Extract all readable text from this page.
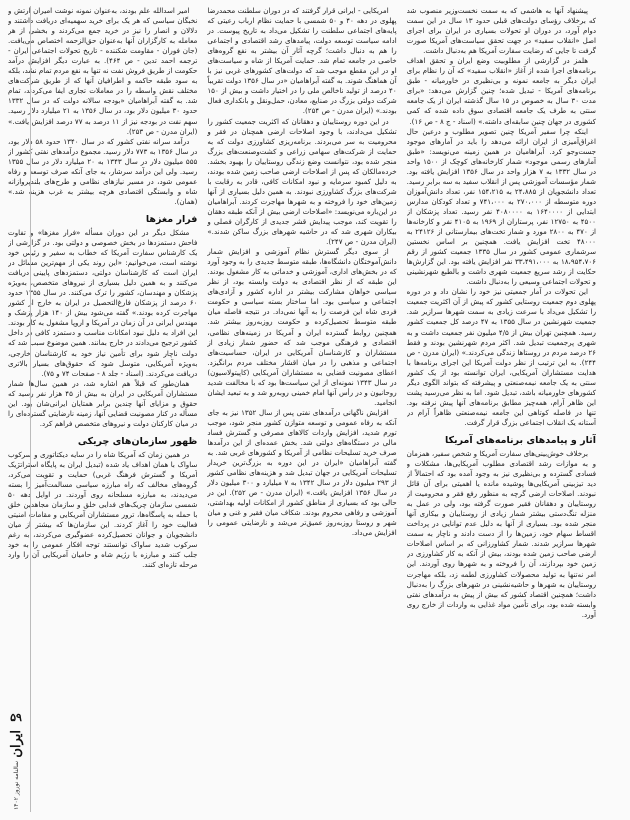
پیشنهاد آنها به هاشمی که به سمت نخست‌وزیر منصوب شد که برخلاف رؤسای دولت‌های قبلی حدود ۱۳ سال در این سمت دوام آورد، در دوران او تحولات بسیاری در ایران برای اجرای اصل «انقلاب سفید» در جهت تحقق سیاست‌های آمریکا صورت گرفت تا جایی که رضایت سفارت آمریکا هم به‌دنبال داشت.

هلمز در گزارشی از مطلوبیت وضع ایران و تحقق اهداف برنامه‌های اجرا شده از آغاز «انقلاب سفید» که آن را نظام برای ایران دیگر به جامعه نمونه و بی‌نظیری در خاورمیانه - طبق برنامه‌های آمریکا - تبدیل شده؛ چنین گزارش می‌دهد: «برای مدت ۳۰ سال به خصوص در ۱۵ سال گذشته ایران از یک جامعه سنتی به طرف یک جامعه اقتصادی سوق داده شده که کمی کشوری در جهان چنین سابقه‌ای داشته.» (اسناد - ج ۸ - ص ۱۶).

اینکه چرا سفیر آمریکا چنین تصویر مطلوب و درعین حال اغراق‌آمیزی از ایران ارائه می‌دهد را باید در آمارهای موجود جست‌وجو کرد. آبراهامیان در همین زمینه می‌نویسد: «طبق آمارهای رسمی موجود» شمار کارخانه‌های کوچک از ۱۵۰۰ واحد در سال ۱۳۳۲ به ۷ هزار واحد در سال ۱۳۵۶ افزایش یافته بود. شمار مؤسسات آموزشی پس از انقلاب سفید به سه برابر رسید. تعداد دانشجویان از ۲۴،۸۸۵ به ۱۵۴،۲۱۵ نفر، تعداد دانش‌آموزان دوره متوسطه از ۲۷۰،۰۰۰ به ۷۴۱،۰۰۰ و تعداد کودکان مدارس ابتدایی از ۱۶۴۰۰۰۰ به ۴۰۸۰۰۰۰ نفر رسید. تعداد پزشکان از ۴۵۰۰ به ۱۲۷۵۰ نفر، پرستاران از ۱۹۶۹ به ۴۱۰۵ نفر و کارخانه‌ها از ۴۷۰ به ۲۸۰۰ مورد و شمار تخت‌های بیمارستانی از ۲۴۱۲۶ به ۴۸۰۰۰ تخت افزایش یافت. همچنین بر اساس نخستین سرشماری عمومی کشور در سال ۱۳۳۵ جمعیت کشور از رقم ۱۸،۹۵۴،۷۰۶ به ۳۳،۴۹۱،۰۰۰ نفر افزایش یافته بود. این گزارش‌ها حکایت از رشد سریع جمعیت شهری داشت و بالطبع شهرنشینی و تحولات اجتماعی وسیعی را به‌دنبال داشت.

این تحولات در آمار جمعیتی نیز خود را نشان داد و در دوره پهلوی دوم جمعیت روستایی کشور که پیش از آن اکثریت جمعیت را تشکیل می‌داد با سرعت زیادی به سمت شهرها سرازیر شد. جمعیت شهرنشین در سال ۱۳۵۵ به ۴۷ درصد کل جمعیت کشور رسید. همچنین تهران بیش از ۴/۵ میلیون نفر جمعیت داشت و به شهری پرجمعیت تبدیل شد. اکثر مردم شهرنشین بودند و فقط ۲۶ درصد مردم در روستاها زندگی می‌کردند.» (ایران مدرن - ص ۲۴۴). به این ترتیب از نظر دولت آمریکا این اجرای برنامه‌ها با هدایت مستشاران آمریکایی، ایران توانسته بود از یک کشور سنتی به یک جامعه نیمه‌صنعتی و پیشرفته که بتواند الگوی دیگر کشورهای خاورمیانه باشد، تبدیل شود. اما به نظر می‌رسید پشت این ظاهر آرام، همه‌چیز مطابق برنامه‌های آنها پیش نرفته بود. تنها در فاصله کوتاهی این جامعه نیمه‌صنعتی ظاهراً آرام در آستانه یک انقلاب اجتماعی بزرگ قرار گرفت.

آثار و پیامدهای برنامه‌های آمریکا

برخلاف خوش‌بینی‌های سفارت آمریکا و شخص سفیر، همزمان و به موازات رشد اقتصادی مطلوب آمریکایی‌ها، مشکلات و فسادی گسترده و بی‌نظیری نیز به وجود آمده بود که احتمالاً از دید تیزبینی آمریکایی‌ها پوشیده مانده یا اهمیتی برای آن قائل نبودند. اصلاحات ارضی گرچه به منظور رفع فقر و محرومیت از روستاییان و دهقانان فقیر صورت گرفته بود، ولی در عمل به منزله تنگ‌دستی بیشتر شمار زیادی از روستاییان و بیکاری آنها منجر شده بود. بسیاری از آنها به دلیل عدم توانایی در پرداخت اقساط سهام خود، زمین‌ها را از دست دادند و ناچار به سمت شهرها سرازیر شدند. شمار کشاورزانی که بر اساس اصلاحات ارضی صاحب زمین شده بودند، بیش از آنکه به کار کشاورزی در زمین خود بپردازند، آن را فروخته و به شهرها روی آوردند. این امر نه‌تنها به تولید محصولات کشاورزی لطمه زد، بلکه مهاجرت روستاییان به شهرها و حاشیه‌نشینی در شهرهای بزرگ را به‌دنبال داشت؛ همچنین اقتصاد کشور که بیش از پیش به درآمدهای نفتی وابسته شده بود، برای تأمین مواد غذایی به واردات از خارج روی آورد.

امریکایی - ایرانی قرار گرفتند که در دوران سلطنت محمدرضا پهلوی در دهه ۴۰ و ۵۰ شمسی با حمایت نظام ارباب رعیتی که پایه‌های اجتماعی سلطنت را تشکیل می‌داد به تاریخ پیوست. در ادامه سیاست توسعه دولت، پیامدهای رشد اقتصادی و اجتماعی را هم به دنبال داشت؛ گرچه آثار آن بیشتر به نفع گروه‌های خاصی در جامعه تمام شد. حمایت آمریکا از شاه و سیاست‌های او در این مقطع موجب شد که دولت‌های کشورهای غربی نیز با آن هماهنگ شوند. به گفته آبراهامیان «در سال ۱۳۵۶ دولت تقریباً ۴۰ درصد از تولید ناخالص ملی را در اختیار داشت و بیش از ۱۵۰ شرکت دولتی بزرگ در صنایع، معادن، حمل‌ونقل و بانکداری فعال بودند.» (ایران مدرن - ص ۲۵۴).

در این دوره روستاییان و دهقانان که اکثریت جمعیت کشور را تشکیل می‌دادند، با وجود اصلاحات ارضی همچنان در فقر و محرومیت به سر می‌بردند. برنامه‌ریزی کشاورزی دولت که به حمایت از شرکت‌های سهامی زراعی و کشت‌وصنعت‌های بزرگ منجر شده بود، نتوانست وضع زندگی روستاییان را بهبود بخشد. خرده‌مالکان که پس از اصلاحات ارضی صاحب زمین شده بودند، به دلیل کمبود سرمایه و نبود امکانات کافی، قادر به رقابت با شرکت‌های بزرگ کشاورزی نبودند. به همین دلیل بسیاری از آنها زمین‌های خود را فروخته و به شهرها مهاجرت کردند. آبراهامیان در این‌باره می‌نویسد: «اصلاحات ارضی بیش از آنکه طبقه دهقان را تقویت کند، موجب پیدایش قشر جدیدی از کارگران فصلی و بیکاران شهری شد که در حاشیه شهرهای بزرگ ساکن شدند.» (ایران مدرن - ص ۲۴۷).

از سوی دیگر گسترش نظام آموزشی و افزایش شمار دانش‌آموختگان دانشگاه‌ها، طبقه متوسط جدیدی را به وجود آورد که در بخش‌های اداری، آموزشی و خدماتی به کار مشغول بودند. این طبقه که از نظر اقتصادی به دولت وابسته بود، از نظر سیاسی خواهان مشارکت بیشتر در اداره کشور و آزادی‌های اجتماعی و سیاسی بود. اما ساختار بسته سیاسی و حکومت فردی شاه این فرصت را به آنها نمی‌داد. در نتیجه فاصله میان طبقه متوسط تحصیل‌کرده و حکومت روزبه‌روز بیشتر شد. همچنین روابط گسترده ایران و آمریکا در زمینه‌های نظامی، اقتصادی و فرهنگی موجب شد که حضور شمار زیادی از مستشاران و کارشناسان آمریکایی در ایران، حساسیت‌های اجتماعی و مذهبی را در میان اقشار مختلف مردم برانگیزد. اعطای مصونیت قضایی به مستشاران آمریکایی (کاپیتولاسیون) در سال ۱۳۴۳ نمونه‌ای از این سیاست‌ها بود که با مخالفت شدید روحانیون و در رأس آنها امام خمینی روبه‌رو شد و به تبعید ایشان انجامید.

افزایش ناگهانی درآمدهای نفتی پس از سال ۱۳۵۲ نیز به جای آنکه به رفاه عمومی و توسعه متوازن کشور منجر شود، موجب تورم شدید، افزایش واردات کالاهای مصرفی و گسترش فساد مالی در دستگاه‌های دولتی شد. بخش عمده‌ای از این درآمدها صرف خرید تسلیحات نظامی از آمریکا و کشورهای غربی شد. به گفته آبراهامیان «ایران در این دوره به بزرگ‌ترین خریدار تسلیحات آمریکایی در جهان تبدیل شد و هزینه‌های نظامی کشور از ۲۹۳ میلیون دلار در سال ۱۳۴۲ به ۷ میلیارد و ۳۰۰ میلیون دلار در سال ۱۳۵۶ افزایش یافت.» (ایران مدرن - ص ۲۵۲). این در حالی بود که بسیاری از مناطق کشور از امکانات اولیه بهداشتی، آموزشی و رفاهی محروم بودند. شکاف میان فقیر و غنی و میان شهر و روستا روزبه‌روز عمیق‌تر می‌شد و نارضایتی عمومی را افزایش می‌داد.

امیر اسدالله علم بودند، به‌عنوان نمونه نوشت امیران ارتش و نخبگان سیاسی که هر یک برای خرید سهمیه‌ای دریافت داشتند و دلالان و انصار را نیز در خرید جمع می‌کردند و بخشی از هر معامله به کارگزاران آنها به‌عنوان حق‌الزحمه اختصاص می‌یافت. (جان فوران - مقاومت شکننده - تاریخ تحولات اجتماعی ایران - ترجمه احمد تدین - ص ۴۶۴). به عبارت دیگر افزایش درآمد حکومت از طریق فروش نفت نه تنها به نفع مردم تمام نشد، بلکه به سود طبقه حاکمه و اطرافیان آنها که از طریق شرکت‌های مختلف نقش واسطه را در معاملات تجاری ایفا می‌کردند، تمام شد. به گفته آبراهامیان «بودجه سالانه دولت که در سال ۱۳۳۲ حدود ۳۰ میلیون دلار بود، در سال ۱۳۵۶ به ۲۱ میلیارد دلار رسید. سهم نفت در بودجه نیز از ۱۱ درصد به ۷۷ درصد افزایش یافت.» (ایران مدرن - ص ۲۵۳).

درآمد سرانه نفتی کشور که در سال ۱۳۴۰ حدود ۵۸ دلار بود، در سال ۱۳۵۶ به ۷۷۳ دلار رسید. مجموع درآمدهای نفتی کشور از ۵۵۵ میلیون دلار در سال ۱۳۴۳ به ۲۰ میلیارد دلار در سال ۱۳۵۵ رسید. ولی این درآمد سرشار، به جای آنکه صرف توسعه و رفاه عمومی شود، در مسیر نیازهای نظامی و طرح‌های بلندپروازانه شاه و وابستگی اقتصادی هرچه بیشتر به غرب هزینه شد.» (همان).

فرار مغزها

مشکل دیگر در این دوران مسأله «فرار مغزها» و تفاوت فاحش دستمزدها در بخش خصوصی و دولتی بود. در گزارشی از یک کارشناس سفارت آمریکا که خطاب به سفیر و رئیس خود نوشته است، می‌خوانیم: «این روند یکی از مهم‌ترین مسائل در ایران است که کارشناسان دولتی، دستمزدهای پایینی دریافت می‌کنند و به همین دلیل بسیاری از نیروهای متخصص، به‌ویژه پزشکان و مهندسان، کشور را ترک می‌کنند. در سال ۱۳۵۵ حدود ۶۰ درصد از پزشکان فارغ‌التحصیل در ایران به خارج از کشور مهاجرت کرده بودند.» گفته می‌شود بیش از ۱۴۰ هزار پزشک و مهندس ایرانی در آن زمان در آمریکا و اروپا مشغول به کار بودند. این افراد به دلیل نبود امکانات مناسب و دستمزد کافی در داخل کشور ترجیح می‌دادند در خارج بمانند. همین موضوع سبب شد که دولت ناچار شود برای تأمین نیاز خود به کارشناسان خارجی، به‌ویژه آمریکایی، متوسل شود که حقوق‌های بسیار بالاتری دریافت می‌کردند. (اسناد - جلد ۸ - صفحات ۷۴ و ۷۵).

همان‌طور که قبلاً هم اشاره شد، در همین سال‌ها شمار مستشاران آمریکایی در ایران به بیش از ۴۵ هزار نفر رسید که حقوق و مزایای آنها چندین برابر همتایان ایرانی‌شان بود. این مسأله در کنار مصونیت قضایی آنها، زمینه نارضایتی گسترده‌ای را در میان کارکنان دولت و نیروهای متخصص فراهم کرد.

ظهور سازمان‌های چریکی

در همین زمان که آمریکا شاه را در سایه دیکتاتوری و سرکوب ساواک با همان اهداف یاد شده (تبدیل ایران به پایگاه استراتژیک آمریکا و گسترش فرهنگ غربی) حمایت و تقویت می‌کرد، گروه‌های مخالف که راه مبارزه سیاسی مسالمت‌آمیز را بسته می‌دیدند، به مبارزه مسلحانه روی آوردند. در اوایل دهه ۵۰ شمسی سازمان چریک‌های فدایی خلق و سازمان مجاهدین خلق با حمله به پاسگاه‌ها، ترور مستشاران آمریکایی و مقامات امنیتی فعالیت خود را آغاز کردند. این سازمان‌ها که بیشتر از میان دانشجویان و جوانان تحصیل‌کرده عضوگیری می‌کردند، به رغم سرکوب شدید ساواک توانستند توجه افکار عمومی را به خود جلب کنند و مبارزه با رژیم شاه و حامیان آمریکایی آن را وارد مرحله تازه‌ای کنند.

۵۹
ایران
سالنامه نوروز ۱۴۰۲
